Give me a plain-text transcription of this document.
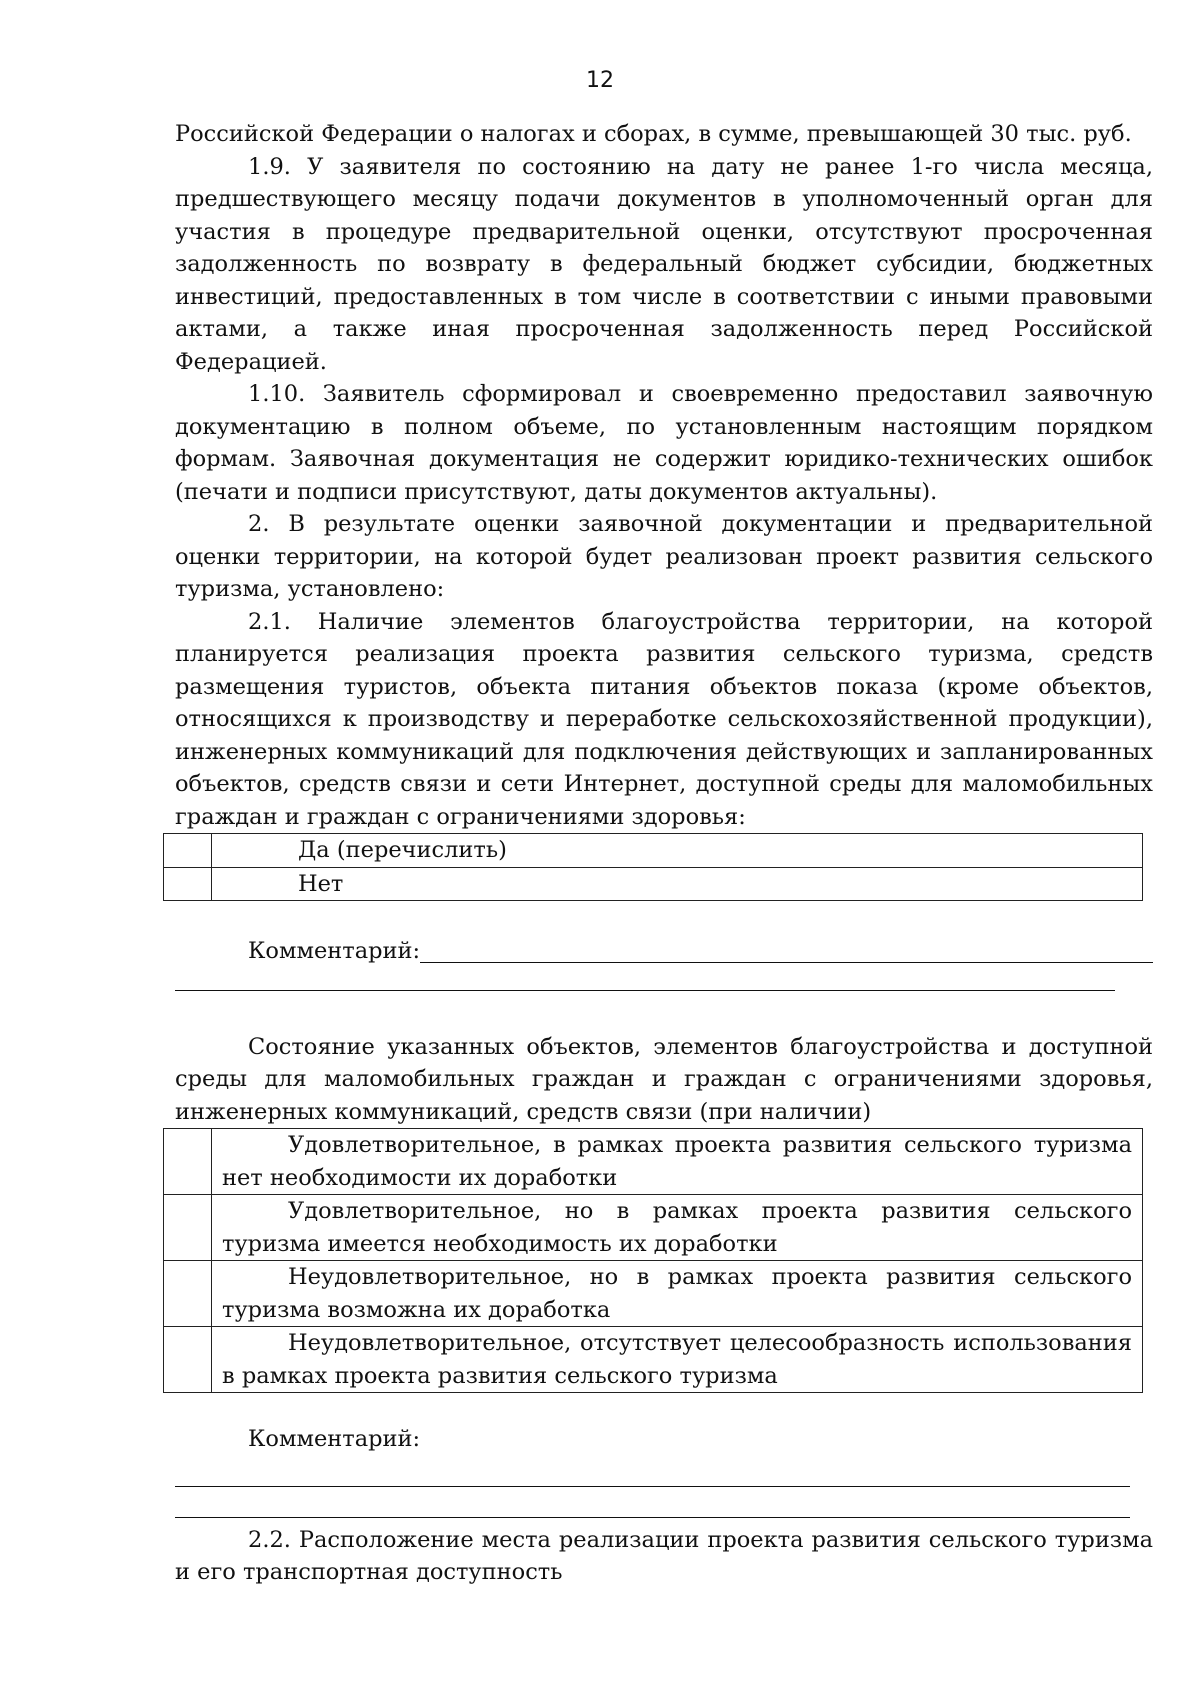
12

Российской Федерации о налогах и сборах, в сумме, превышающей 30 тыс. руб.

1.9. У заявителя по состоянию на дату не ранее 1-го числа месяца, предшествующего месяцу подачи документов в уполномоченный орган для участия в процедуре предварительной оценки, отсутствуют просроченная задолженность по возврату в федеральный бюджет субсидии, бюджетных инвестиций, предоставленных в том числе в соответствии с иными правовыми актами, а также иная просроченная задолженность перед Российской Федерацией.

1.10. Заявитель сформировал и своевременно предоставил заявочную документацию в полном объеме, по установленным настоящим порядком формам. Заявочная документация не содержит юридико-технических ошибок (печати и подписи присутствуют, даты документов актуальны).

2. В результате оценки заявочной документации и предварительной оценки территории, на которой будет реализован проект развития сельского туризма, установлено:

2.1. Наличие элементов благоустройства территории, на которой планируется реализация проекта развития сельского туризма, средств размещения туристов, объекта питания объектов показа (кроме объектов, относящихся к производству и переработке сельскохозяйственной продукции), инженерных коммуникаций для подключения действующих и запланированных объектов, средств связи и сети Интернет, доступной среды для маломобильных граждан и граждан с ограничениями здоровья:

	Да (перечислить)
	Нет
Комментарий:

Состояние указанных объектов, элементов благоустройства и доступной среды для маломобильных граждан и граждан с ограничениями здоровья, инженерных коммуникаций, средств связи (при наличии)

	Удовлетворительное, в рамках проекта развития сельского туризма нет необходимости их доработки

	Удовлетворительное, но в рамках проекта развития сельского туризма имеется необходимость их доработки

	Неудовлетворительное, но в рамках проекта развития сельского туризма возможна их доработка

	Неудовлетворительное, отсутствует целесообразность использования в рамках проекта развития сельского туризма

Комментарий:

2.2. Расположение места реализации проекта развития сельского туризма и его транспортная доступность
